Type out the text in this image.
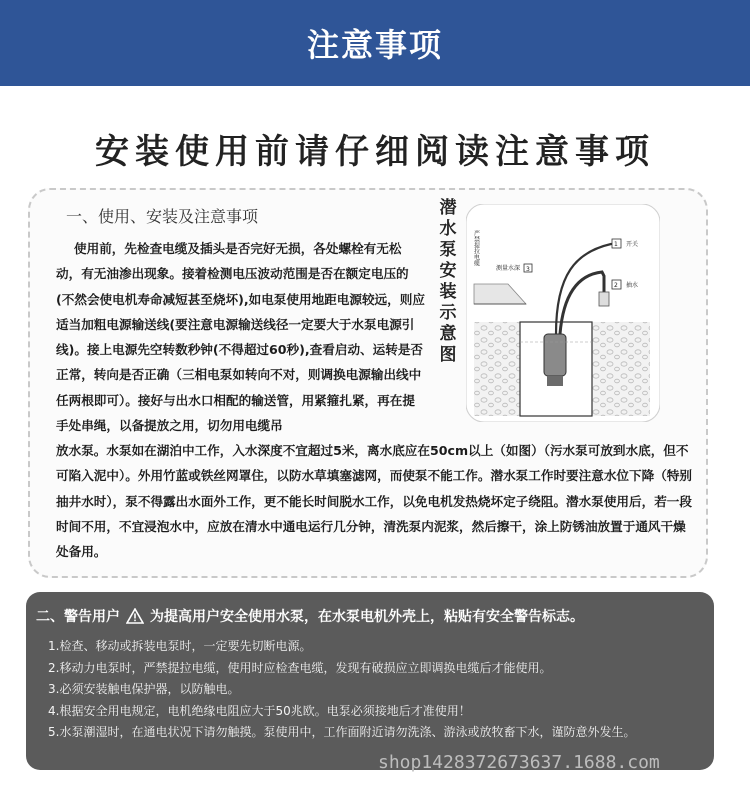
注意事项
安装使用前请仔细阅读注意事项
一、使用、安装及注意事项

使用前，先检查电缆及插头是否完好无损，各处螺栓有无松动，有无油渗出现象。接着检测电压波动范围是否在额定电压的(不然会使电机寿命减短甚至烧坏),如电泵使用地距电源较远，则应适当加粗电源输送线(要注意电源输送线径一定要大于水泵电源引线)。接上电源先空转数秒钟(不得超过60秒),查看启动、运转是否正常，转向是否正确（三相电泵如转向不对，则调换电源输出线中任两根即可）。接好与出水口相配的输送管，用紧箍扎紧，再在提手处串绳，以备提放之用，切勿用电缆吊

放水泵。水泵如在湖泊中工作，入水深度不宜超过5米，离水底应在50cm以上（如图）（污水泵可放到水底，但不可陷入泥中）。外用竹蓝或铁丝网罩住，以防水草填塞滤网，而使泵不能工作。潜水泵工作时要注意水位下降（特别抽井水时），泵不得露出水面外工作，更不能长时间脱水工作，以免电机发热烧坏定子绕阻。潜水泵使用后，若一段时间不用，不宜浸泡水中，应放在清水中通电运行几分钟，清洗泵内泥浆，然后擦干，涂上防锈油放置于通风干燥处备用。

潜水泵安装示意图
严禁提拉电缆
测量水深 3
1 开关
2 抽水
二、警告用户 为提高用户安全使用水泵，在水泵电机外壳上，粘贴有安全警告标志。
1.检查、移动或拆装电泵时，一定要先切断电源。
2.移动力电泵时，严禁提拉电缆，使用时应检查电缆，发现有破损应立即调换电缆后才能使用。
3.必须安装触电保护器，以防触电。
4.根据安全用电规定，电机绝缘电阻应大于50兆欧。电泵必须接地后才准使用！
5.水泵潮湿时，在通电状况下请勿触摸。泵使用中，工作面附近请勿洗涤、游泳或放牧畜下水，谨防意外发生。
shop1428372673637.1688.com
